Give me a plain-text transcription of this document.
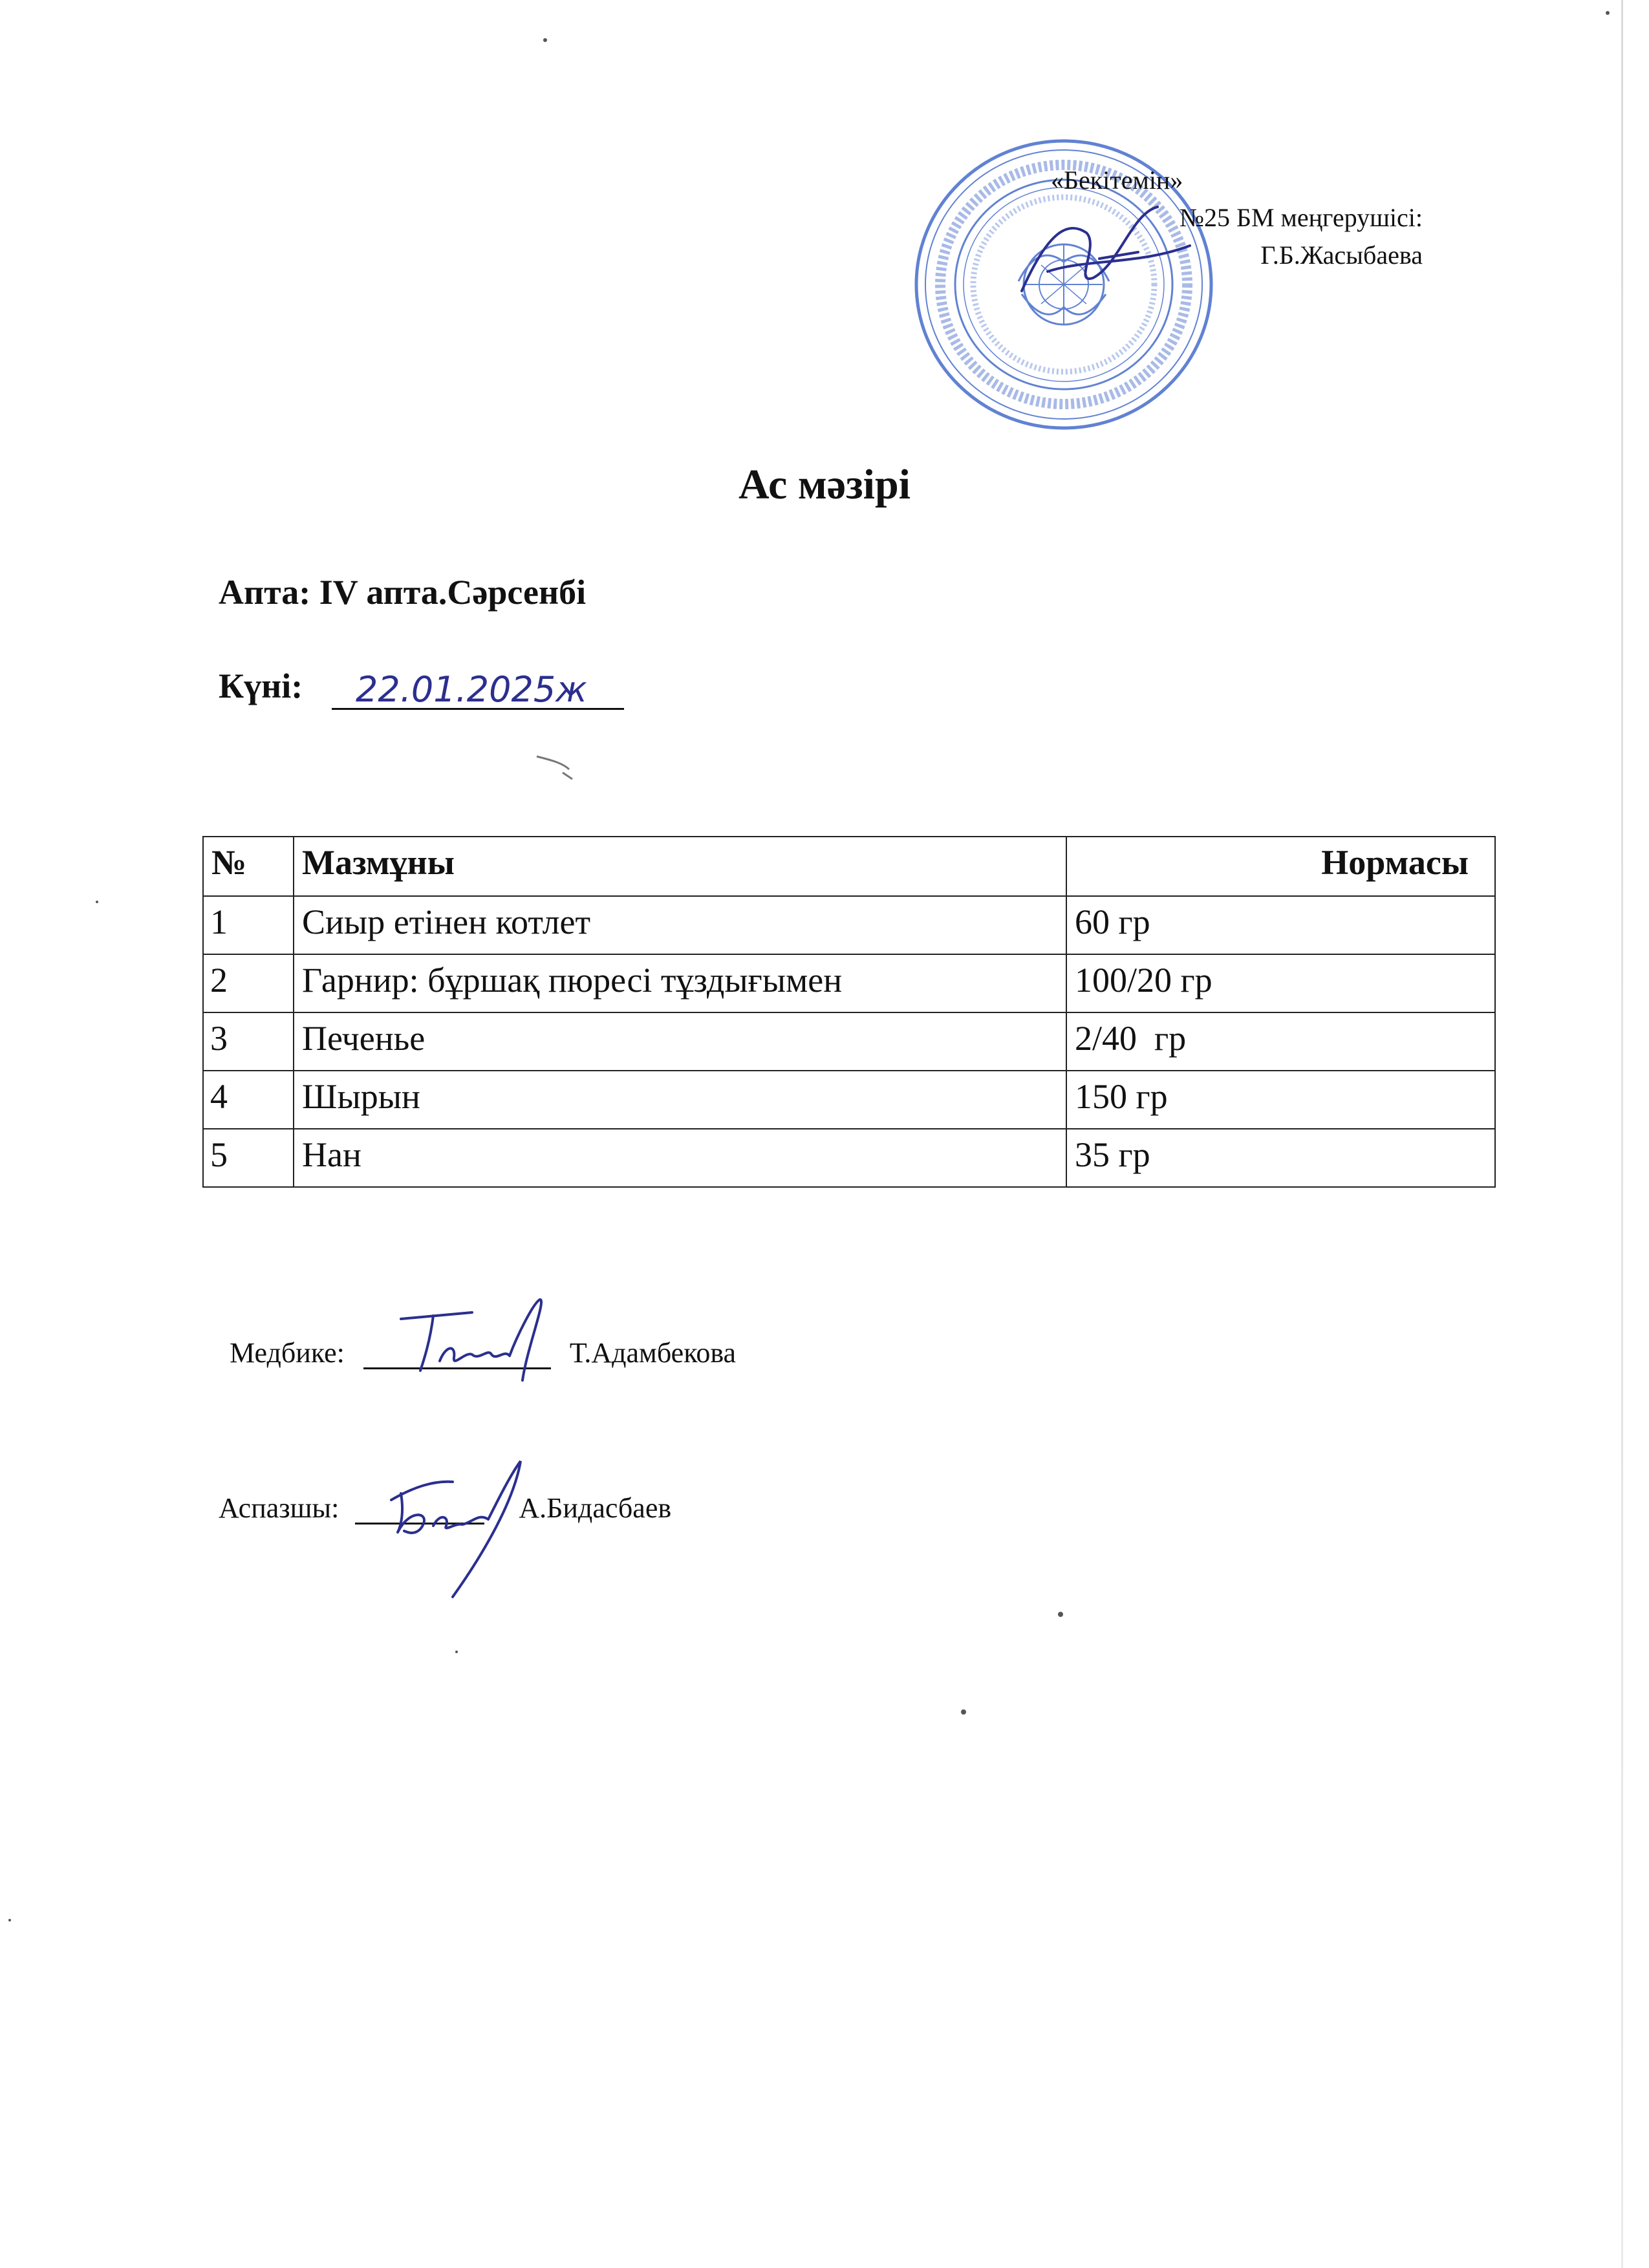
«Бекітемін»
№25 БМ меңгерушісі:
Г.Б.Жасыбаева
Ас мәзірі
Апта: IV апта.Сәрсенбі
Күні: 22.01.2025ж
№	Мазмұны	Нормасы
1	Сиыр етінен котлет	60 гр
2	Гарнир: бұршақ пюресі тұздығымен	100/20 гр
3	Печенье	2/40  гр
4	Шырын	150 гр
5	Нан	35 гр
Медбике:	Т.Адамбекова
Аспазшы:	А.Бидасбаев
